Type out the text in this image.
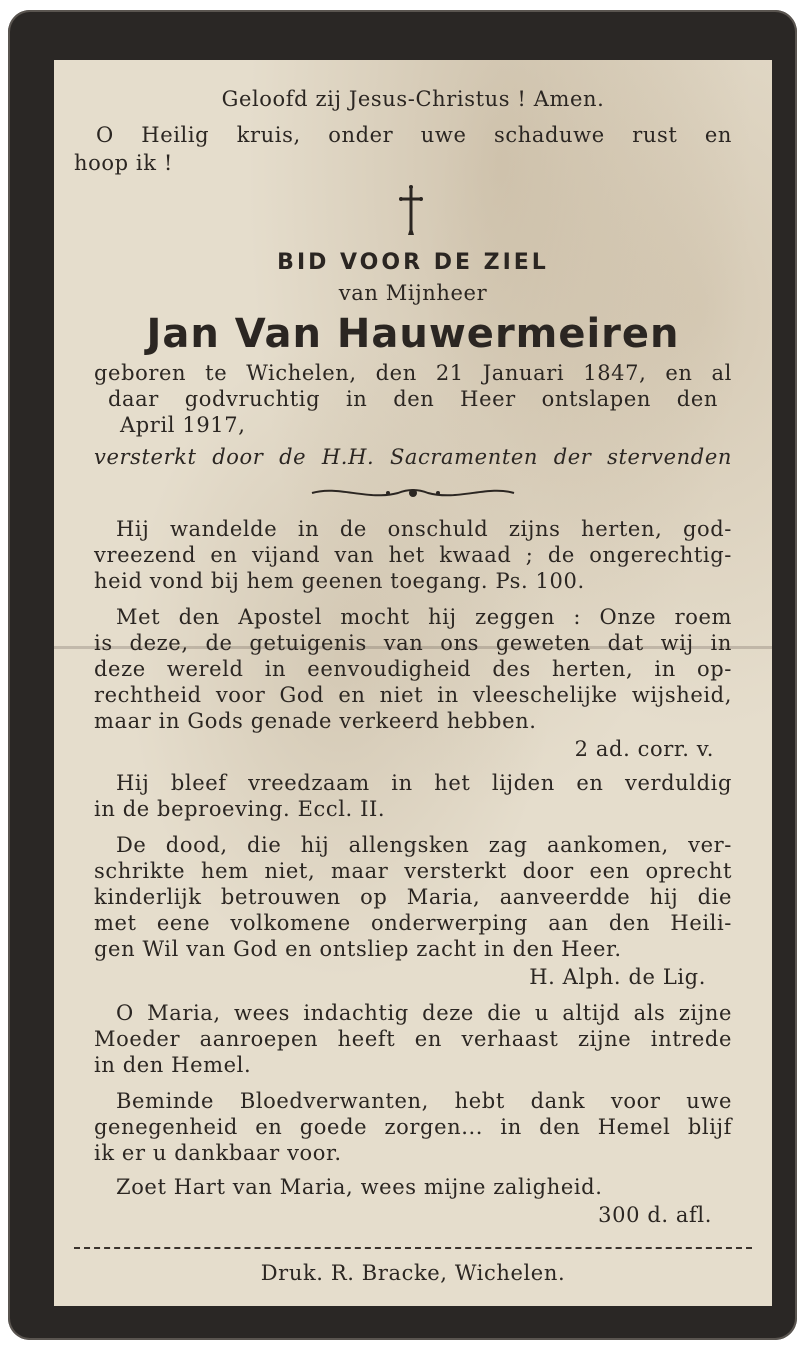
Geloofd zij Jesus-Christus ! Amen.
O Heilig kruis, onder uwe schaduwe rust en
hoop ik !
BID VOOR DE ZIEL
van Mijnheer
Jan Van Hauwermeiren
geboren te Wichelen, den 21 Januari 1847, en al
daar godvruchtig in den Heer ontslapen den
April 1917,
versterkt door de H.H. Sacramenten der stervenden
Hij wandelde in de onschuld zijns herten, god-
vreezend en vijand van het kwaad ; de ongerechtig-
heid vond bij hem geenen toegang. Ps. 100.
Met den Apostel mocht hij zeggen : Onze roem
is deze, de getuigenis van ons geweten dat wij in
deze wereld in eenvoudigheid des herten, in op-
rechtheid voor God en niet in vleeschelijke wijsheid,
maar in Gods genade verkeerd hebben.
2 ad. corr. v.
Hij bleef vreedzaam in het lijden en verduldig
in de beproeving. Eccl. II.
De dood, die hij allengsken zag aankomen, ver-
schrikte hem niet, maar versterkt door een oprecht
kinderlijk betrouwen op Maria, aanveerdde hij die
met eene volkomene onderwerping aan den Heili-
gen Wil van God en ontsliep zacht in den Heer.
H. Alph. de Lig.
O Maria, wees indachtig deze die u altijd als zijne
Moeder aanroepen heeft en verhaast zijne intrede
in den Hemel.
Beminde Bloedverwanten, hebt dank voor uwe
genegenheid en goede zorgen... in den Hemel blijf
ik er u dankbaar voor.
Zoet Hart van Maria, wees mijne zaligheid.
300 d. afl.
Druk. R. Bracke, Wichelen.
